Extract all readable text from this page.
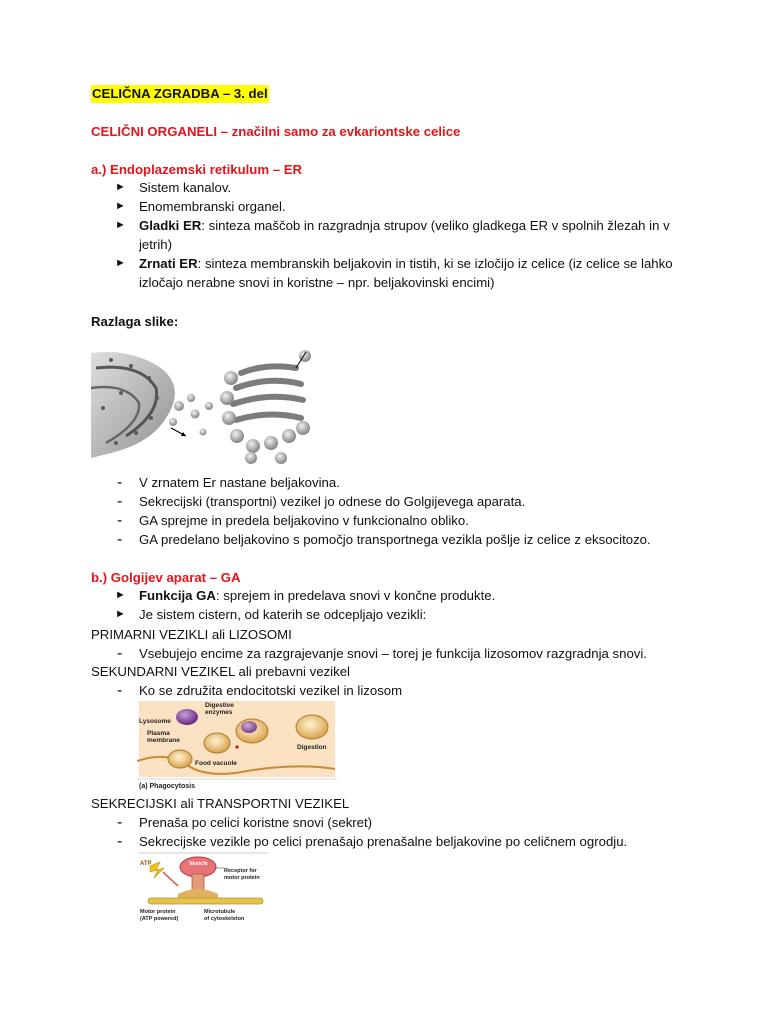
CELIČNA ZGRADBA – 3. del
CELIČNI ORGANELI – značilni samo za evkariontske celice
a.) Endoplazemski retikulum – ER
► Sistem kanalov.
► Enomembranski organel.
► Gladki ER: sinteza maščob in razgradnja strupov (veliko gladkega ER v spolnih žlezah in v
jetrih)
► Zrnati ER: sinteza membranskih beljakovin in tistih, ki se izločijo iz celice (iz celice se lahko
izločajo nerabne snovi in koristne – npr. beljakovinski encimi)
Razlaga slike:
- V zrnatem Er nastane beljakovina.
- Sekrecijski (transportni) vezikel jo odnese do Golgijevega aparata.
- GA sprejme in predela beljakovino v funkcionalno obliko.
- GA predelano beljakovino s pomočjo transportnega vezikla pošlje iz celice z eksocitozo.
b.) Golgijev aparat – GA
► Funkcija GA: sprejem in predelava snovi v končne produkte.
► Je sistem cistern, od katerih se odcepljajo vezikli:
PRIMARNI VEZIKLI ali LIZOSOMI
- Vsebujejo encime za razgrajevanje snovi – torej je funkcija lizosomov razgradnja snovi.
SEKUNDARNI VEZIKEL ali prebavni vezikel
- Ko se združita endocitotski vezikel in lizosom
Lysosome
Digestive
enzymes
Plasma
membrane
Food vacuole
Digestion
(a) Phagocytosis
SEKRECIJSKI ali TRANSPORTNI VEZIKEL
- Prenaša po celici koristne snovi (sekret)
- Sekrecijske vezikle po celici prenašajo prenašalne beljakovine po celičnem ogrodju.
ATP	Vesicle
Receptor for
motor protein
Motor protein
(ATP powered)
Microtubule
of cytoskeleton
